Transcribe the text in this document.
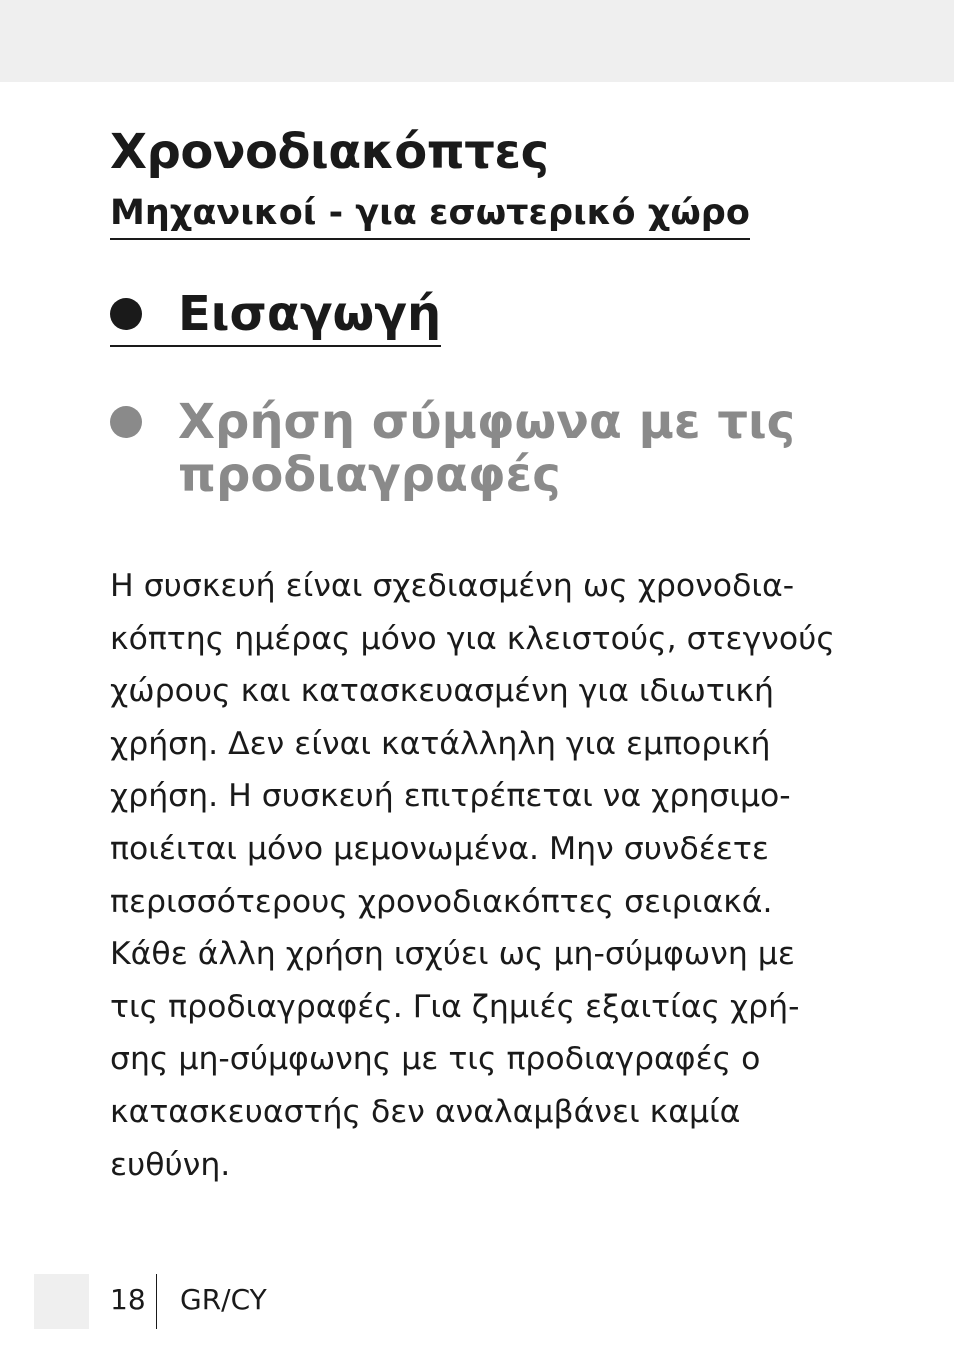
Χρονοδιακόπτες
Μηχανικοί - για εσωτερικό χώρο
Εισαγωγή
Χρήση σύμφωνα με τις προδιαγραφές

Η συσκευή είναι σχεδιασμένη ως χρονοδια-
κόπτης ημέρας μόνο για κλειστούς, στεγνούς
χώρους και κατασκευασμένη για ιδιωτική
χρήση. Δεν είναι κατάλληλη για εμπορική
χρήση. Η συσκευή επιτρέπεται να χρησιμο-
ποιέιται μόνο μεμονωμένα. Μην συνδέετε
περισσότερους χρονοδιακόπτες σειριακά.
Κάθε άλλη χρήση ισχύει ως μη-σύμφωνη με
τις προδιαγραφές. Για ζημιές εξαιτίας χρή-
σης μη-σύμφωνης με τις προδιαγραφές ο
κατασκευαστής δεν αναλαμβάνει καμία
ευθύνη.

18 GR/CY
